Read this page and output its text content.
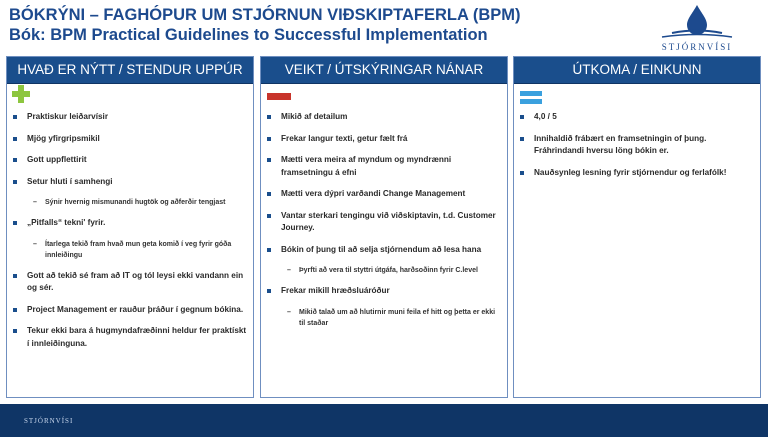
BÓKRÝNI – FAGHÓPUR UM STJÓRNUN VIÐSKIPTAFERLA (BPM)
Bók: BPM Practical Guidelines to Successful Implementation
STJÓRNVÍSI
HVAÐ ER NÝTT / STENDUR UPPÚR
Praktiskur leiðarvísir
Mjög yfirgripsmikil
Gott uppflettirit
Setur hluti í samhengi
– Sýnir hvernig mismunandi hugtök og aðferðir tengjast
„Pitfalls“ tekni' fyrir.
– Ítarlega tekið fram hvað mun geta komið í veg fyrir góða innleiðingu
Gott að tekið sé fram að IT og tól leysi ekki vandann ein og sér.
Project Management er rauður þráður í gegnum bókina.
Tekur ekki bara á hugmyndafræðinni heldur fer praktískt í innleiðinguna.
VEIKT / ÚTSKÝRINGAR NÁNAR
Mikið af detailum
Frekar langur texti, getur fælt frá
Mætti vera meira af myndum og myndrænni framsetningu á efni
Mætti vera dýpri varðandi Change Management
Vantar sterkari tengingu við viðskiptavin, t.d. Customer Journey.
Bókin of þung til að selja stjórnendum að lesa hana
– Þyrfti að vera til styttri útgáfa, harðsoðinn fyrir C.level
Frekar mikill hræðsluáróður
– Mikið talað um að hlutirnir muni feila ef hitt og þetta er ekki til staðar
ÚTKOMA / EINKUNN
4,0 / 5
Innihaldið frábært en framsetningin of þung. Fráhrindandi hversu löng bókin er.
Nauðsynleg lesning fyrir stjórnendur og ferlafólk!
STJÓRNVÍSI
